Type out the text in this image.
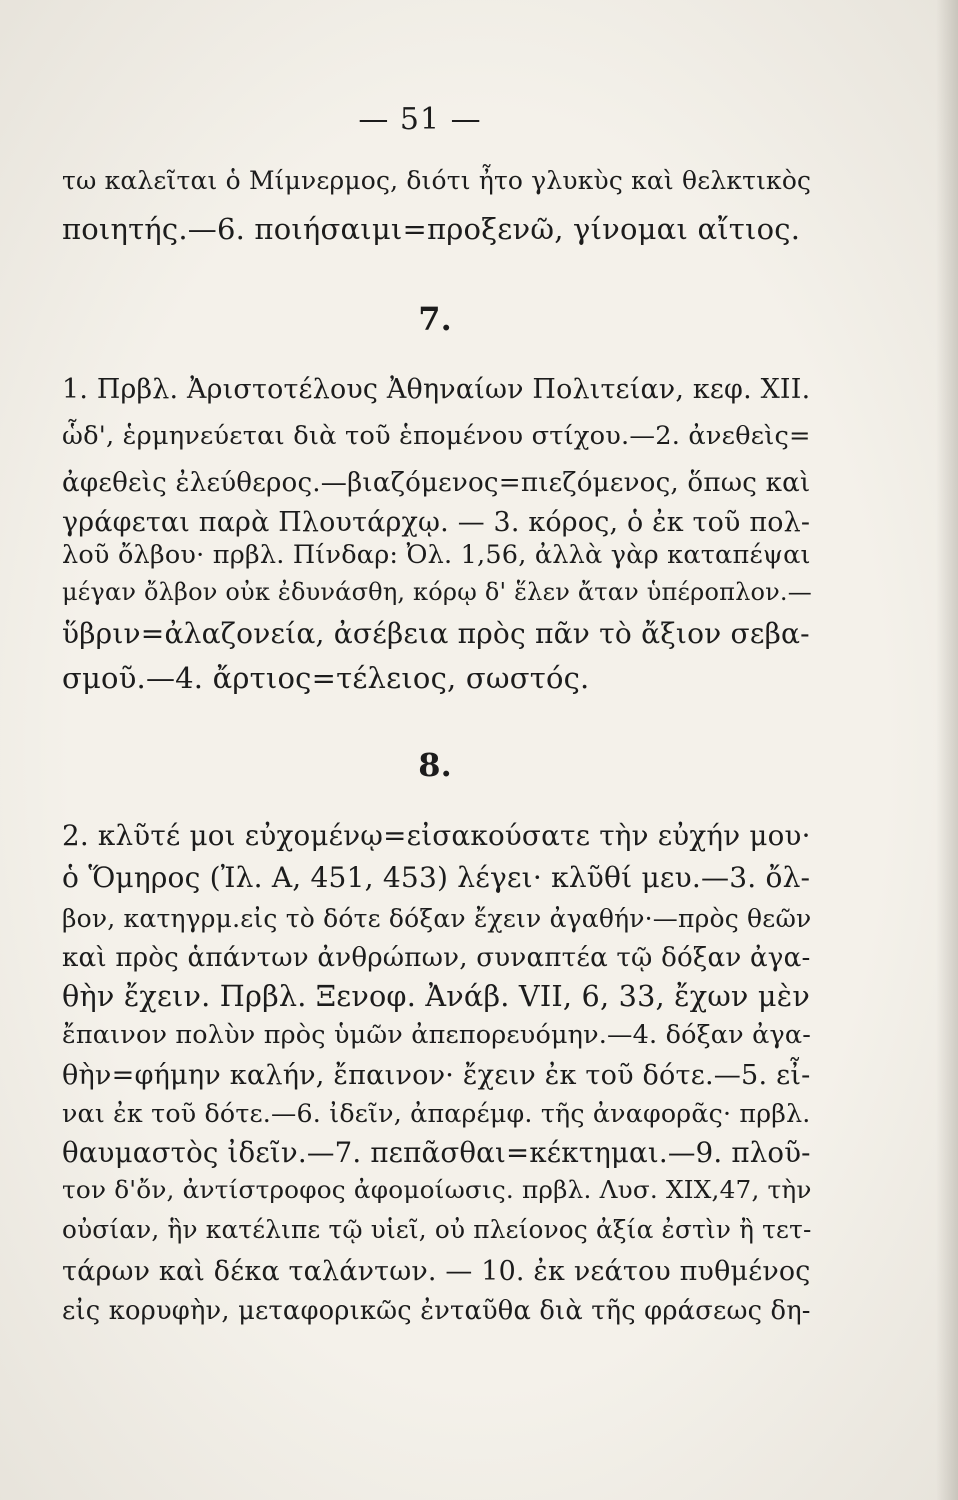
— 51 —
τω καλεῖται ὁ Μίμνερμος, διότι ἦτο γλυκὺς καὶ θελκτικὸς
ποιητής.—6. ποιήσαιμι=προξενῶ, γίνομαι αἴτιος.
7.
1. Πρβλ. Ἀριστοτέλους Ἀθηναίων Πολιτείαν, κεφ. XII.
ὧδ', ἑρμηνεύεται διὰ τοῦ ἑπομένου στίχου.—2. ἀνεθεὶς=
ἀφεθεὶς ἐλεύθερος.—βιαζόμενος=πιεζόμενος, ὅπως καὶ
γράφεται παρὰ Πλουτάρχῳ. — 3. κόρος, ὁ ἐκ τοῦ πολ-
λοῦ ὄλβου· πρβλ. Πίνδαρ: Ὀλ. 1,56, ἀλλὰ γὰρ καταπέψαι
μέγαν ὄλβον οὐκ ἐδυνάσθη, κόρῳ δ' ἕλεν ἄταν ὑπέροπλον.—
ὕβριν=ἀλαζονεία, ἀσέβεια πρὸς πᾶν τὸ ἄξιον σεβα-
σμοῦ.—4. ἄρτιος=τέλειος, σωστός.
8.
2. κλῦτέ μοι εὐχομένῳ=εἰσακούσατε τὴν εὐχήν μου·
ὁ Ὅμηρος (Ἰλ. Α, 451, 453) λέγει· κλῦθί μευ.—3. ὄλ-
βον, κατηγρμ.εἰς τὸ δότε δόξαν ἔχειν ἀγαθήν·—πρὸς θεῶν
καὶ πρὸς ἁπάντων ἀνθρώπων, συναπτέα τῷ δόξαν ἀγα-
θὴν ἔχειν. Πρβλ. Ξενοφ. Ἀνάβ. VII, 6, 33, ἔχων μὲν
ἔπαινον πολὺν πρὸς ὑμῶν ἀπεπορευόμην.—4. δόξαν ἀγα-
θὴν=φήμην καλήν, ἔπαινον· ἔχειν ἐκ τοῦ δότε.—5. εἶ-
ναι ἐκ τοῦ δότε.—6. ἰδεῖν, ἀπαρέμφ. τῆς ἀναφορᾶς· πρβλ.
θαυμαστὸς ἰδεῖν.—7. πεπᾶσθαι=κέκτημαι.—9. πλοῦ-
τον δ'ὄν, ἀντίστροφος ἀφομοίωσις. πρβλ. Λυσ. XIX,47, τὴν
οὐσίαν, ἣν κατέλιπε τῷ υἱεῖ, οὐ πλείονος ἀξία ἐστὶν ἢ τετ-
τάρων καὶ δέκα ταλάντων. — 10. ἐκ νεάτου πυθμένος
εἰς κορυφὴν, μεταφορικῶς ἐνταῦθα διὰ τῆς φράσεως δη-
